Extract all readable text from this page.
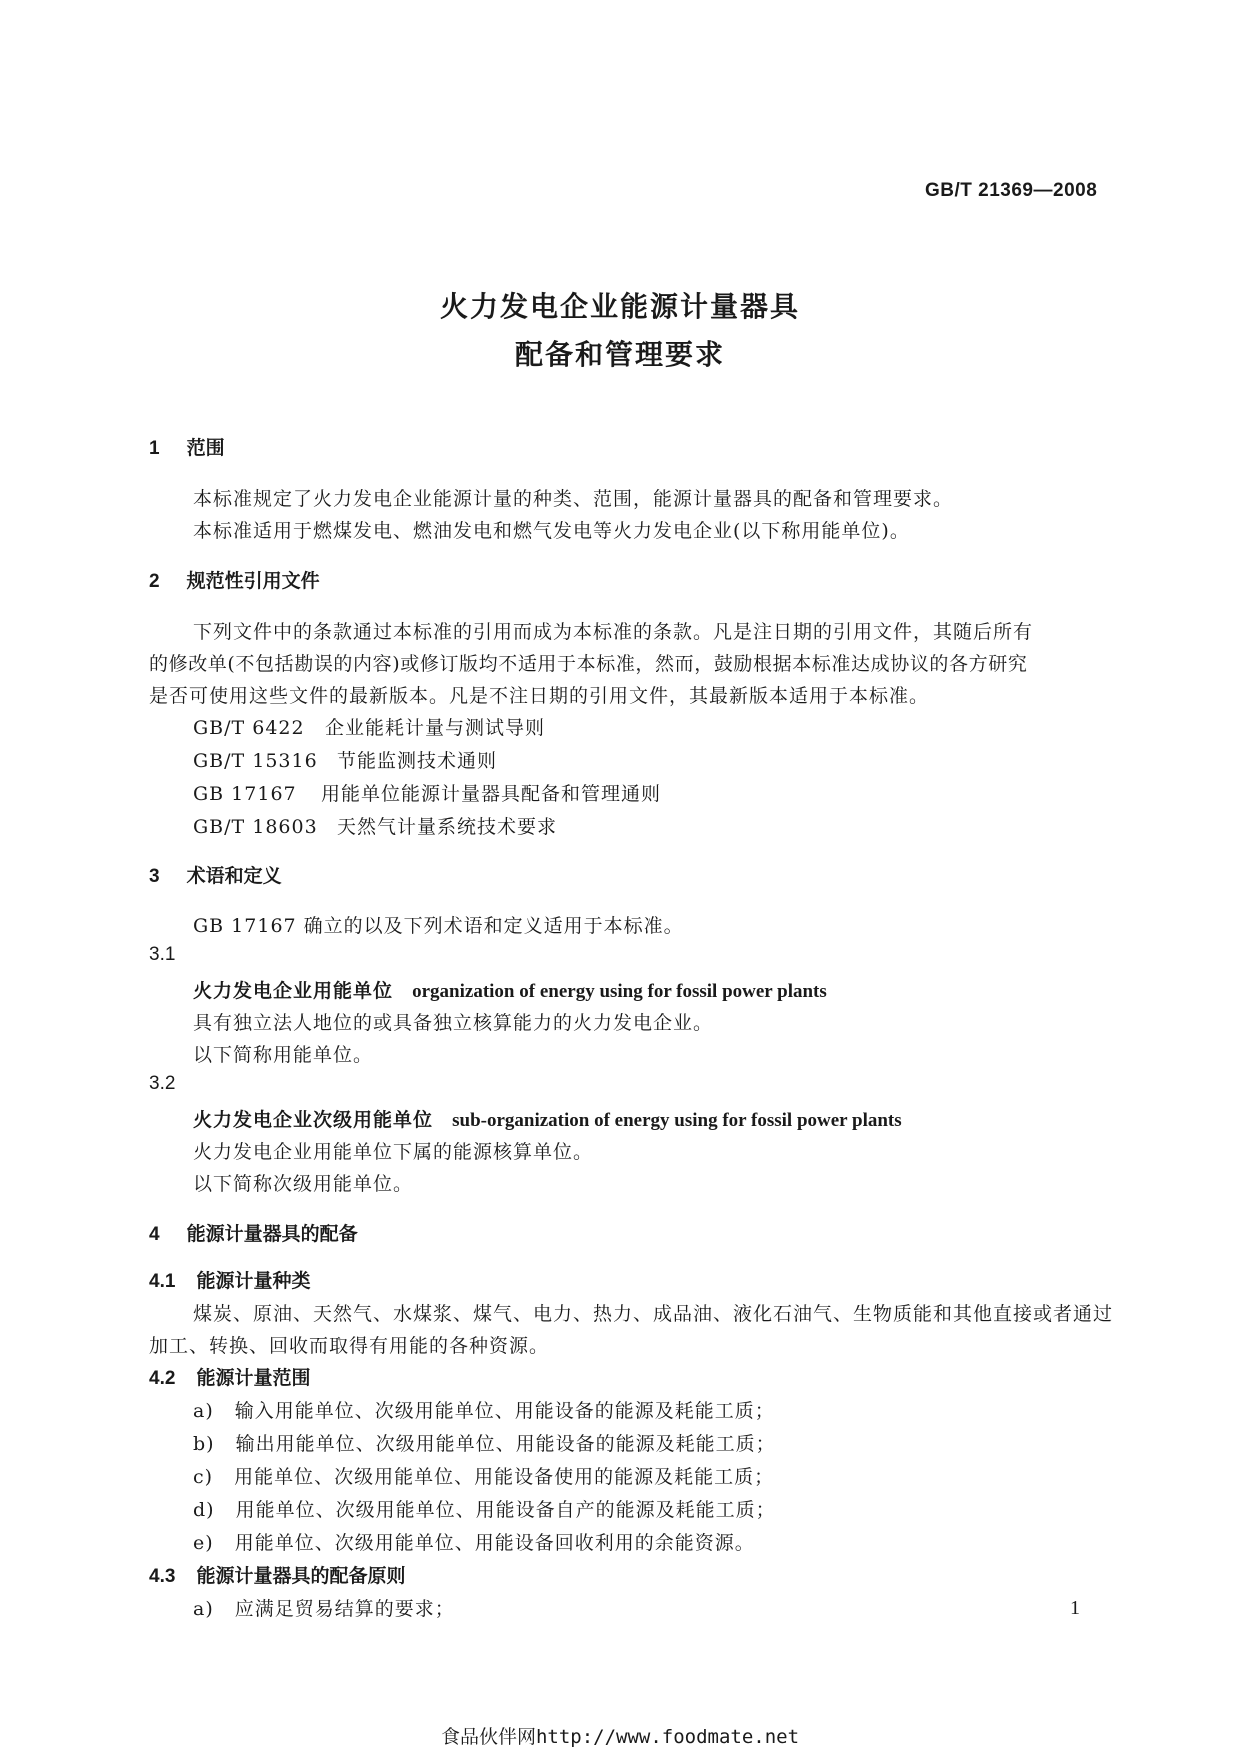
GB/T 21369—2008
火力发电企业能源计量器具
配备和管理要求
1 范围
本标准规定了火力发电企业能源计量的种类、范围，能源计量器具的配备和管理要求。
本标准适用于燃煤发电、燃油发电和燃气发电等火力发电企业(以下称用能单位)。
2 规范性引用文件
下列文件中的条款通过本标准的引用而成为本标准的条款。凡是注日期的引用文件，其随后所有
的修改单(不包括勘误的内容)或修订版均不适用于本标准，然而，鼓励根据本标准达成协议的各方研究
是否可使用这些文件的最新版本。凡是不注日期的引用文件，其最新版本适用于本标准。
GB/T 6422 企业能耗计量与测试导则
GB/T 15316 节能监测技术通则
GB 17167 用能单位能源计量器具配备和管理通则
GB/T 18603 天然气计量系统技术要求
3 术语和定义
GB 17167 确立的以及下列术语和定义适用于本标准。
3.1
火力发电企业用能单位 organization of energy using for fossil power plants
具有独立法人地位的或具备独立核算能力的火力发电企业。
以下简称用能单位。
3.2
火力发电企业次级用能单位 sub-organization of energy using for fossil power plants
火力发电企业用能单位下属的能源核算单位。
以下简称次级用能单位。
4 能源计量器具的配备
4.1 能源计量种类
煤炭、原油、天然气、水煤浆、煤气、电力、热力、成品油、液化石油气、生物质能和其他直接或者通过
加工、转换、回收而取得有用能的各种资源。
4.2 能源计量范围
a) 输入用能单位、次级用能单位、用能设备的能源及耗能工质；
b) 输出用能单位、次级用能单位、用能设备的能源及耗能工质；
c) 用能单位、次级用能单位、用能设备使用的能源及耗能工质；
d) 用能单位、次级用能单位、用能设备自产的能源及耗能工质；
e) 用能单位、次级用能单位、用能设备回收利用的余能资源。
4.3 能源计量器具的配备原则
a) 应满足贸易结算的要求；	1
食品伙伴网http://www.foodmate.net
